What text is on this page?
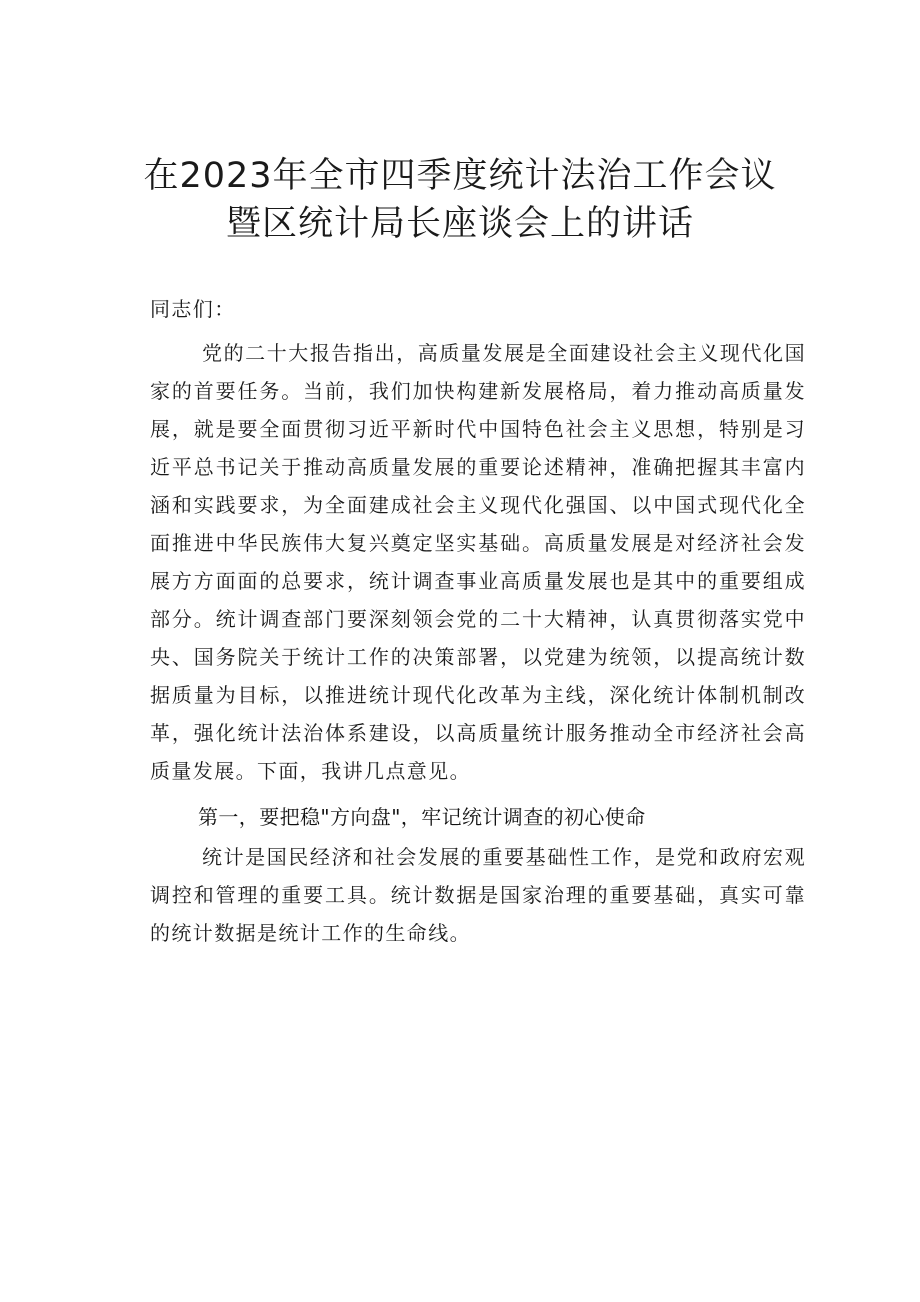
在2023年全市四季度统计法治工作会议
暨区统计局长座谈会上的讲话

同志们：

党的二十大报告指出，高质量发展是全面建设社会主义现代化国家的首要任务。当前，我们加快构建新发展格局，着力推动高质量发展，就是要全面贯彻习近平新时代中国特色社会主义思想，特别是习近平总书记关于推动高质量发展的重要论述精神，准确把握其丰富内涵和实践要求，为全面建成社会主义现代化强国、以中国式现代化全面推进中华民族伟大复兴奠定坚实基础。高质量发展是对经济社会发展方方面面的总要求，统计调查事业高质量发展也是其中的重要组成部分。统计调查部门要深刻领会党的二十大精神，认真贯彻落实党中央、国务院关于统计工作的决策部署，以党建为统领，以提高统计数据质量为目标，以推进统计现代化改革为主线，深化统计体制机制改革，强化统计法治体系建设，以高质量统计服务推动全市经济社会高质量发展。下面，我讲几点意见。

第一，要把稳"方向盘"，牢记统计调查的初心使命

统计是国民经济和社会发展的重要基础性工作，是党和政府宏观调控和管理的重要工具。统计数据是国家治理的重要基础，真实可靠的统计数据是统计工作的生命线。
